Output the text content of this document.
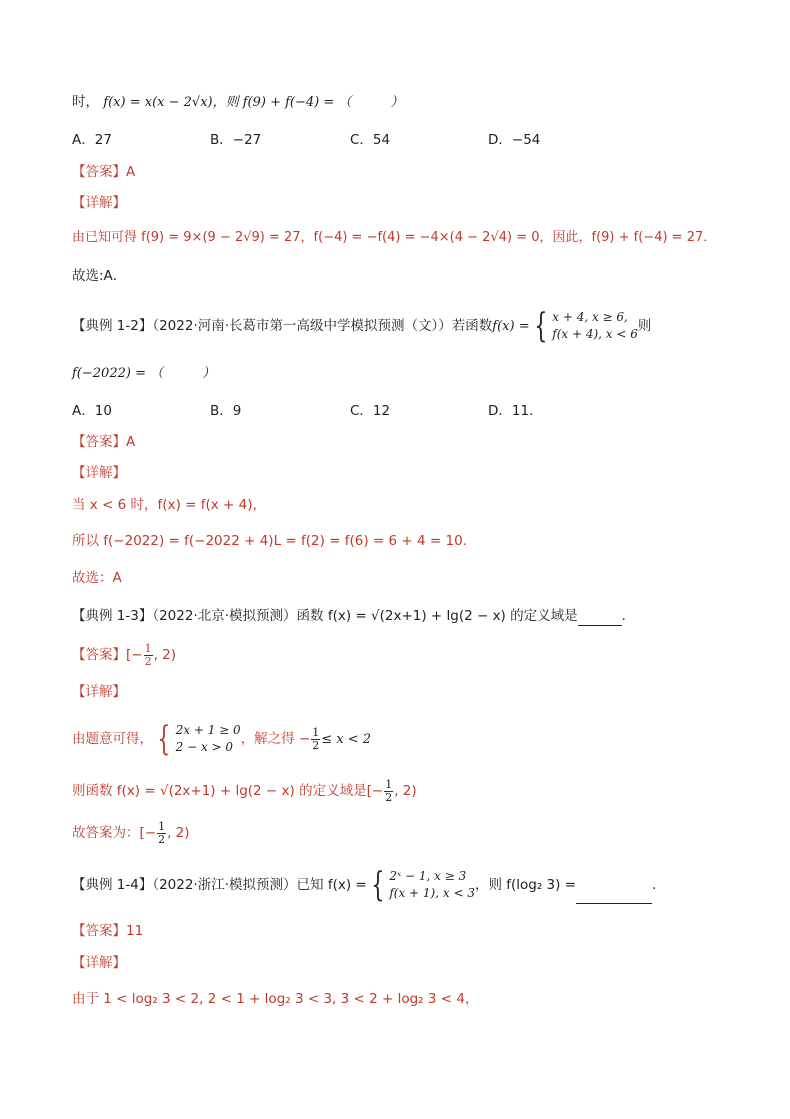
时， f(x) = x(x − 2√x)，则 f(9) + f(−4) = （　　　）
A．27	B．−27	C．54	D．−54
【答案】A
【详解】
由已知可得 f(9) = 9×(9 − 2√9) = 27，f(−4) = −f(4) = −4×(4 − 2√4) = 0，因此，f(9) + f(−4) = 27．
故选:A．
【典例 1-2】（2022·河南·长葛市第一高级中学模拟预测（文））若函数f(x) = { x + 4, x ≥ 6,
f(x + 4), x < 6 则
f(−2022) = （　　　）
A．10	B．9	C．12	D．11．
【答案】A
【详解】
当 x < 6 时，f(x) = f(x + 4)，
所以 f(−2022) = f(−2022 + 4)L = f(2) = f(6) = 6 + 4 = 10．
故选：A
【典例 1-3】（2022·北京·模拟预测）函数 f(x) = √(2x+1) + lg(2 − x) 的定义域是	．
【答案】[− $\frac{1}{2}$ , 2)
【详解】
由题意可得， { 2x + 1 ≥ 0
2 − x > 0 ，解之得 − $\frac{1}{2} \le x < 2$
则函数 f(x) = √(2x+1) + lg(2 − x) 的定义域是[− $\frac{1}{2}$ , 2)
故答案为：[− $\frac{1}{2}$ , 2)
【典例 1-4】（2022·浙江·模拟预测）已知 f(x) = { 2ˣ − 1, x ≥ 3
f(x + 1), x < 3 ，则 f(log₂ 3) =	.
【答案】11
【详解】
由于 1 < log₂ 3 < 2, 2 < 1 + log₂ 3 < 3, 3 < 2 + log₂ 3 < 4，
